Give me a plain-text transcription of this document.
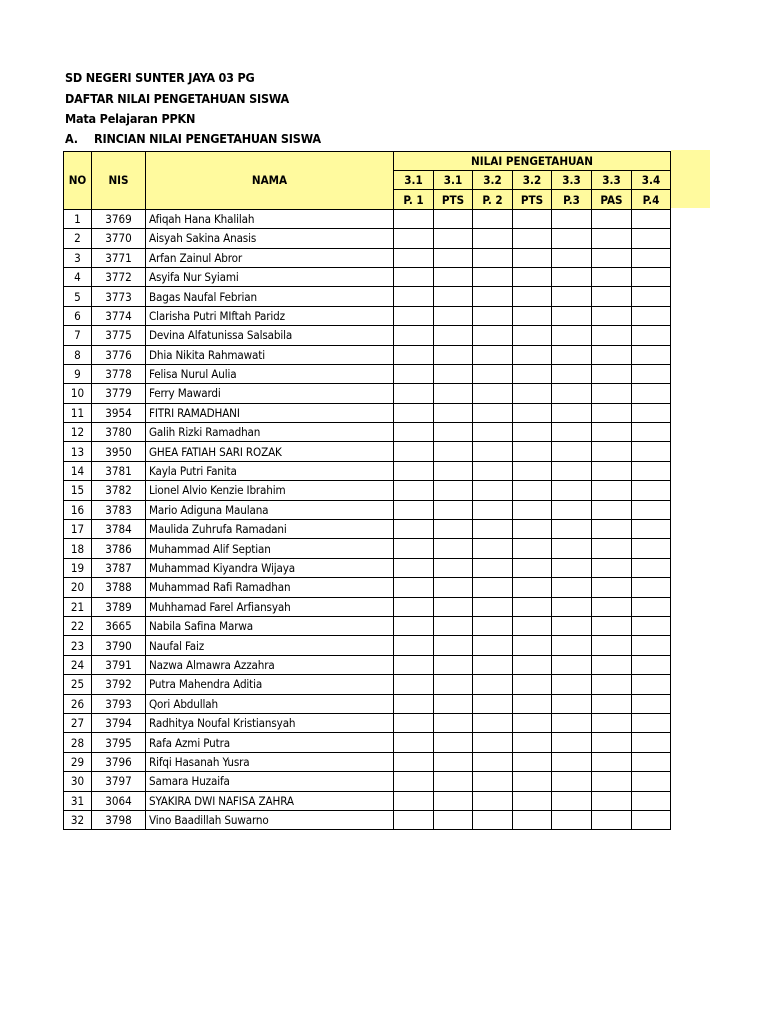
SD NEGERI SUNTER JAYA 03 PG
DAFTAR NILAI PENGETAHUAN SISWA
Mata Pelajaran PPKN
A. RINCIAN NILAI PENGETAHUAN SISWA
NO	NIS	NAMA	NILAI PENGETAHUAN						
			3.1	3.1	3.2	3.2	3.3	3.3	3.4
			P. 1	PTS	P. 2	PTS	P.3	PAS	P.4
1	3769	Afiqah Hana Khalilah							
2	3770	Aisyah Sakina Anasis							
3	3771	Arfan Zainul Abror							
4	3772	Asyifa Nur Syiami							
5	3773	Bagas Naufal Febrian							
6	3774	Clarisha Putri MIftah Paridz							
7	3775	Devina Alfatunissa Salsabila							
8	3776	Dhia Nikita Rahmawati							
9	3778	Felisa Nurul Aulia							
10	3779	Ferry Mawardi							
11	3954	FITRI RAMADHANI							
12	3780	Galih Rizki Ramadhan							
13	3950	GHEA FATIAH SARI ROZAK							
14	3781	Kayla Putri Fanita							
15	3782	Lionel Alvio Kenzie Ibrahim							
16	3783	Mario Adiguna Maulana							
17	3784	Maulida Zuhrufa Ramadani							
18	3786	Muhammad Alif Septian							
19	3787	Muhammad Kiyandra Wijaya							
20	3788	Muhammad Rafi Ramadhan							
21	3789	Muhhamad Farel Arfiansyah							
22	3665	Nabila Safina Marwa							
23	3790	Naufal Faiz							
24	3791	Nazwa Almawra Azzahra							
25	3792	Putra Mahendra Aditia							
26	3793	Qori Abdullah							
27	3794	Radhitya Noufal Kristiansyah							
28	3795	Rafa Azmi Putra							
29	3796	Rifqi Hasanah Yusra							
30	3797	Samara Huzaifa							
31	3064	SYAKIRA DWI NAFISA ZAHRA							
32	3798	Vino Baadillah Suwarno							
